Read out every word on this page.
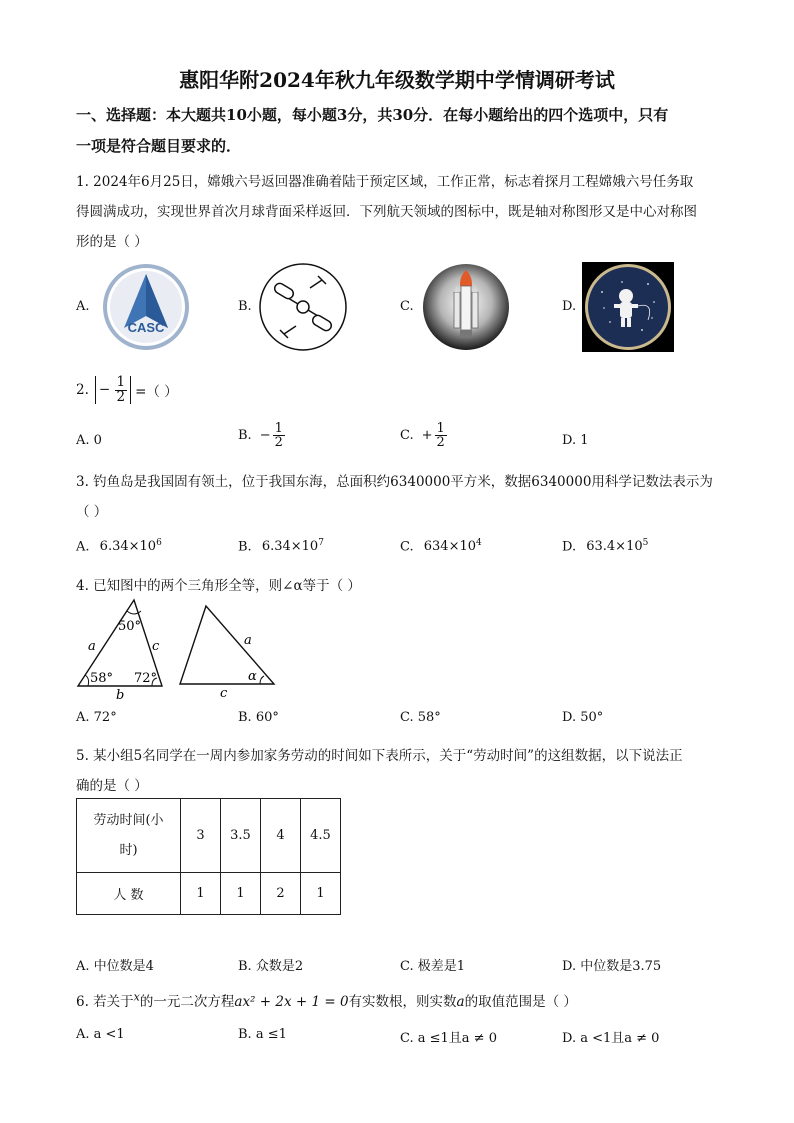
惠阳华附2024年秋九年级数学期中学情调研考试
一、选择题：本大题共10小题，每小题3分，共30分．在每小题给出的四个选项中，只有
一项是符合题目要求的．
1. 2024年6月25日，嫦娥六号返回器准确着陆于预定区域，工作正常，标志着探月工程嫦娥六号任务取
得圆满成功，实现世界首次月球背面采样返回．下列航天领域的图标中，既是轴对称图形又是中心对称图
形的是（ ）
A.
CASC
B.	C.	D.
2. − $\frac{1}{2}$ =（ ）
A. 0	B. − $\frac{1}{2}$	C. + $\frac{1}{2}$	D. 1
3. 钓鱼岛是我国固有领土，位于我国东海，总面积约6340000平方米，数据6340000用科学记数法表示为
（ ）
A. $6.34\times 10^6$	B. $6.34\times 10^7$	C. $634\times 10^4$	D. $63.4\times 10^5$
4. 已知图中的两个三角形全等，则∠α等于（ ）
50°
a	c
58° 72°
b
a
α
c
A. 72°	B. 60°	C. 58°	D. 50°
5. 某小组5名同学在一周内参加家务劳动的时间如下表所示，关于“劳动时间”的这组数据，以下说法正
确的是（ ）
劳动时间(小
时)	3	3.5	4	4.5
人 数	1	1	2	1
A. 中位数是4	B. 众数是2	C. 极差是1	D. 中位数是3.75
6. 若关于$^x$的一元二次方程ax² + 2x + 1 = 0有实数根，则实数a的取值范围是（ ）
A. a <1	B. a ≤1	C. a ≤1且a ≠ 0	D. a <1且a ≠ 0
